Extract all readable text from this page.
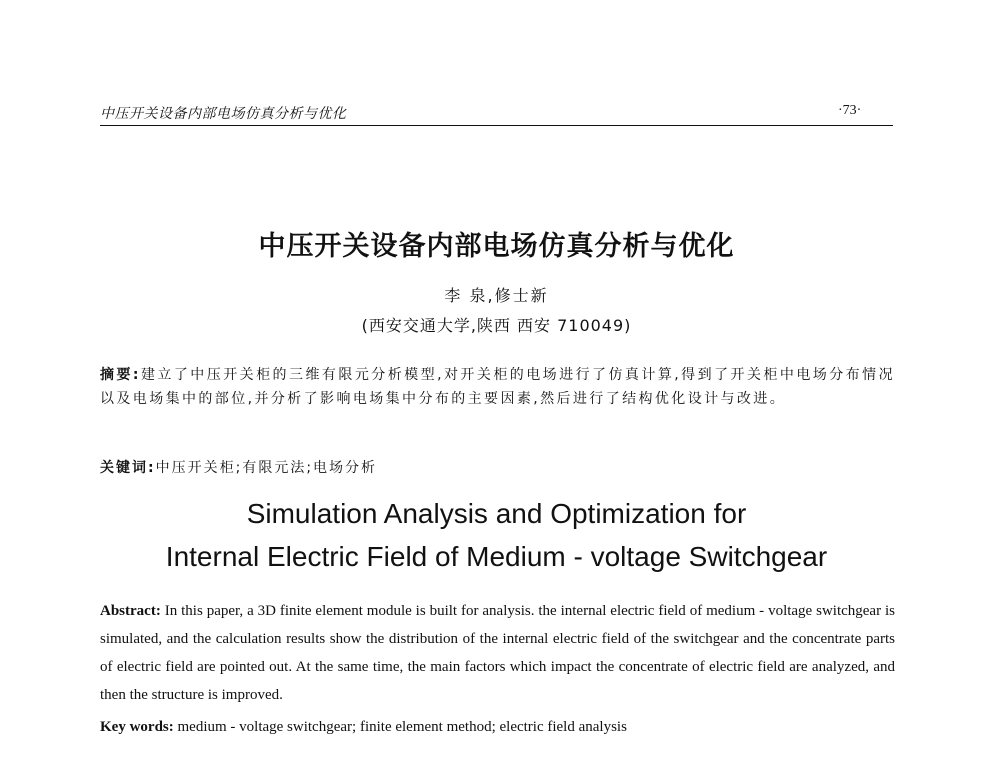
中压开关设备内部电场仿真分析与优化	·73·
中压开关设备内部电场仿真分析与优化
李 泉,修士新
(西安交通大学,陕西 西安 710049)
摘要:建立了中压开关柜的三维有限元分析模型,对开关柜的电场进行了仿真计算,得到了开关柜中电场分布情况以及电场集中的部位,并分析了影响电场集中分布的主要因素,然后进行了结构优化设计与改进。
关键词:中压开关柜;有限元法;电场分析
Simulation Analysis and Optimization for
Internal Electric Field of Medium - voltage Switchgear
Abstract: In this paper, a 3D finite element module is built for analysis. the internal electric field of medium - voltage switchgear is simulated, and the calculation results show the distribution of the internal electric field of the switchgear and the concentrate parts of electric field are pointed out. At the same time, the main factors which impact the concentrate of electric field are analyzed, and then the structure is improved.
Key words: medium - voltage switchgear; finite element method; electric field analysis
